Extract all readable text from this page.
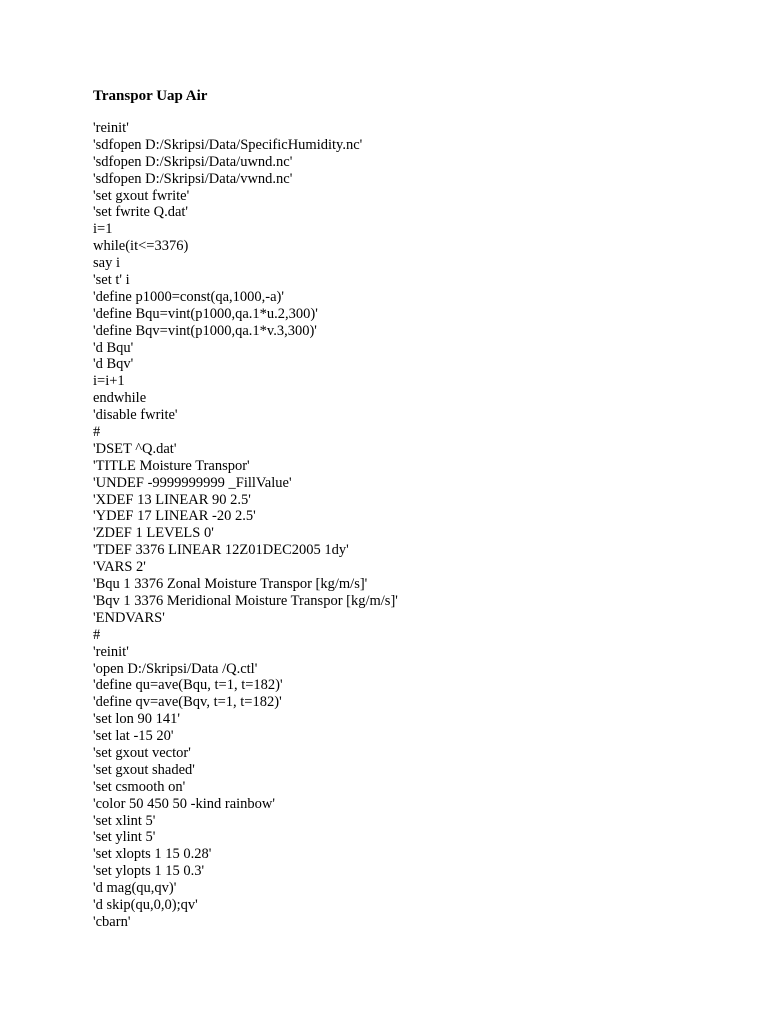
Transpor Uap Air
'reinit'
'sdfopen D:/Skripsi/Data/SpecificHumidity.nc'
'sdfopen D:/Skripsi/Data/uwnd.nc'
'sdfopen D:/Skripsi/Data/vwnd.nc'
'set gxout fwrite'
'set fwrite Q.dat'
i=1
while(it<=3376)
say i
'set t' i
'define p1000=const(qa,1000,-a)'
'define Bqu=vint(p1000,qa.1*u.2,300)'
'define Bqv=vint(p1000,qa.1*v.3,300)'
'd Bqu'
'd Bqv'
i=i+1
endwhile
'disable fwrite'
#
'DSET ^Q.dat'
'TITLE Moisture Transpor'
'UNDEF -9999999999 _FillValue'
'XDEF 13 LINEAR 90 2.5'
'YDEF 17 LINEAR -20 2.5'
'ZDEF 1 LEVELS 0'
'TDEF 3376 LINEAR 12Z01DEC2005 1dy'
'VARS 2'
'Bqu 1 3376 Zonal Moisture Transpor [kg/m/s]'
'Bqv 1 3376 Meridional Moisture Transpor [kg/m/s]'
'ENDVARS'
#
'reinit'
'open D:/Skripsi/Data /Q.ctl'
'define qu=ave(Bqu, t=1, t=182)'
'define qv=ave(Bqv, t=1, t=182)'
'set lon 90 141'
'set lat -15 20'
'set gxout vector'
'set gxout shaded'
'set csmooth on'
'color 50 450 50 -kind rainbow'
'set xlint 5'
'set ylint 5'
'set xlopts 1 15 0.28'
'set ylopts 1 15 0.3'
'd mag(qu,qv)'
'd skip(qu,0,0);qv'
'cbarn'
